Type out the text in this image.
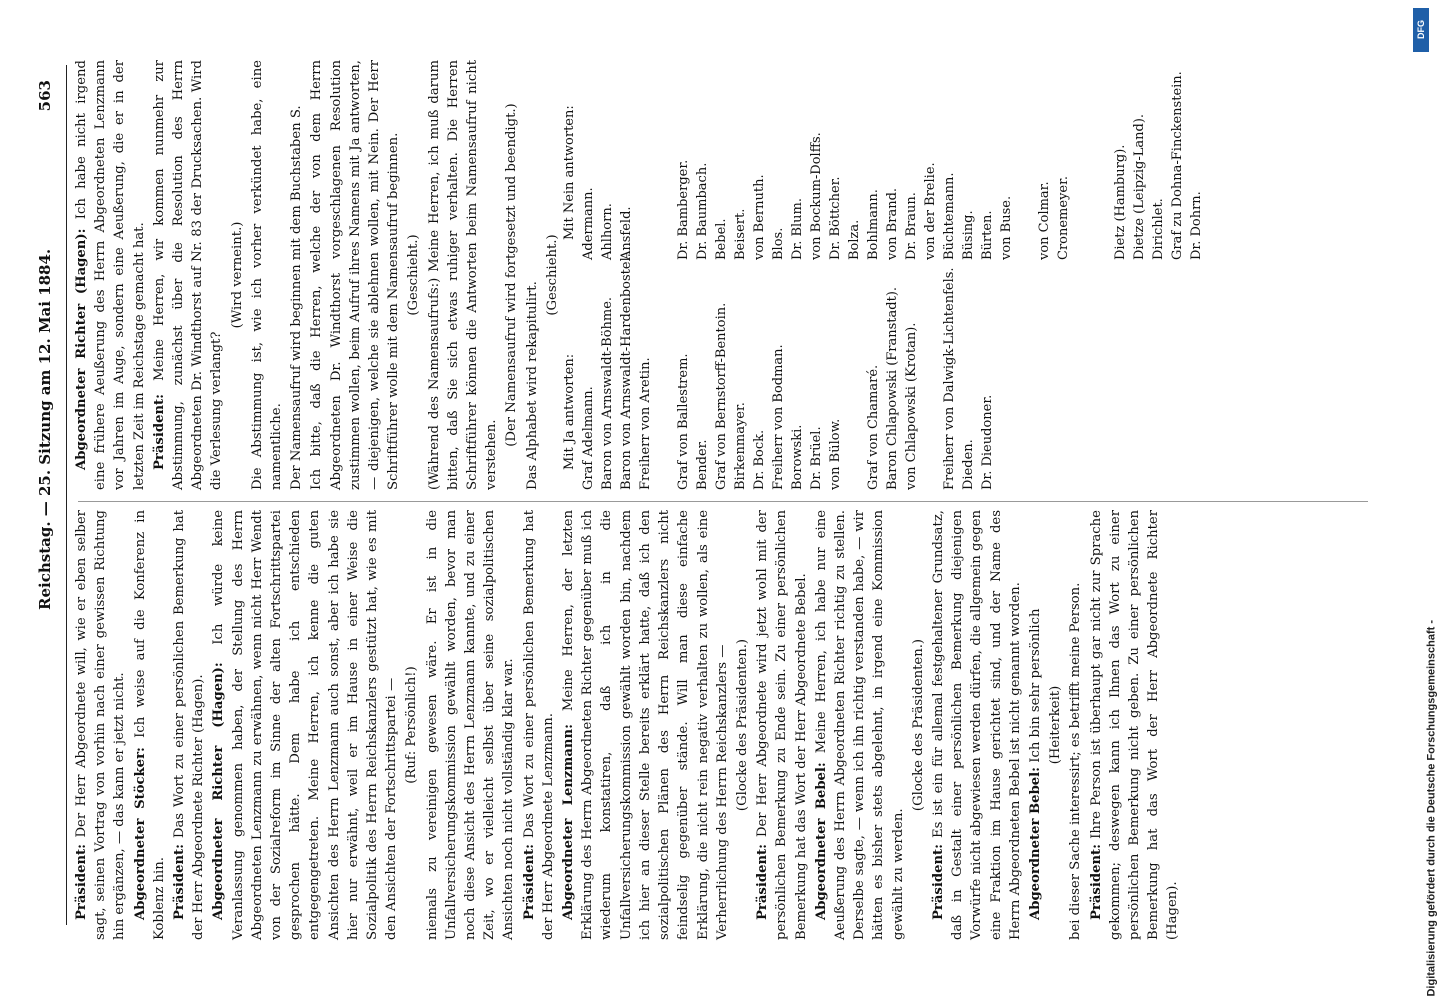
Reichstag. — 25. Sitzung am 12. Mai 1884.
563

Präsident: Der Herr Abgeordnete will, wie er eben selber sagt, seinen Vortrag von vorhin nach einer gewissen Richtung hin ergänzen, — das kann er jetzt nicht. Abgeordneter Stöcker: Ich weise auf die Konferenz in Koblenz hin. Präsident: Das Wort zu einer persönlichen Bemerkung hat der Herr Abgeordnete Richter (Hagen). Abgeordneter Richter (Hagen): Ich würde keine Veranlassung genommen haben, der Stellung des Herrn Abgeordneten Lenzmann zu erwähnen, wenn nicht Herr Wendt von der Sozialreform im Sinne der alten Fortschrittspartei gesprochen hätte. Dem habe ich entschieden entgegengetreten. Meine Herren, ich kenne die guten Ansichten des Herrn Lenzmann auch sonst, aber ich habe sie hier nur erwähnt, weil er im Hause in einer Weise die Sozialpolitik des Herrn Reichskanzlers gestützt hat, wie es mit den Ansichten der Fortschrittspartei — (Ruf: Persönlich!) niemals zu vereinigen gewesen wäre. Er ist in die Unfallversicherungskommission gewählt worden, bevor man noch diese Ansicht des Herrn Lenzmann kannte, und zu einer Zeit, wo er vielleicht selbst über seine sozialpolitischen Ansichten noch nicht vollständig klar war. Präsident: Das Wort zu einer persönlichen Bemerkung hat der Herr Abgeordnete Lenzmann. Abgeordneter Lenzmann: Meine Herren, der letzten Erklärung des Herrn Abgeordneten Richter gegenüber muß ich wiederum konstatiren, daß ich in die Unfallversicherungskommission gewählt worden bin, nachdem ich hier an dieser Stelle bereits erklärt hatte, daß ich den sozialpolitischen Plänen des Herrn Reichskanzlers nicht feindselig gegenüber stände. Will man diese einfache Erklärung, die nicht rein negativ verhalten zu wollen, als eine Verherrlichung des Herrn Reichskanzlers — (Glocke des Präsidenten.)

Präsident: Der Herr Abgeordnete wird jetzt wohl mit der persönlichen Bemerkung zu Ende sein. Zu einer persönlichen Bemerkung hat das Wort der Herr Abgeordnete Bebel. Abgeordneter Bebel: Meine Herren, ich habe nur eine Aeußerung des Herrn Abgeordneten Richter richtig zu stellen. Derselbe sagte, — wenn ich ihn richtig verstanden habe, — wir hätten es bisher stets abgelehnt, in irgend eine Kommission gewählt zu werden.

(Glocke des Präsidenten.)

Präsident: Es ist ein für allemal festgehaltener Grundsatz, daß in Gestalt einer persönlichen Bemerkung diejenigen Vorwürfe nicht abgewiesen werden dürfen, die allgemein gegen eine Fraktion im Hause gerichtet sind, und der Name des Herrn Abgeordneten Bebel ist nicht genannt worden. Abgeordneter Bebel: Ich bin sehr persönlich (Heiterkeit) bei dieser Sache interessirt; es betrifft meine Person. Präsident: Ihre Person ist überhaupt gar nicht zur Sprache gekommen; deswegen kann ich Ihnen das Wort zu einer persönlichen Bemerkung nicht geben. Zu einer persönlichen Bemerkung hat das Wort der Herr Abgeordnete Richter (Hagen).

Abgeordneter Richter (Hagen): Ich habe nicht irgend eine frühere Aeußerung des Herrn Abgeordneten Lenzmann vor Jahren im Auge, sondern eine Aeußerung, die er in der letzten Zeit im Reichstage gemacht hat. Präsident: Meine Herren, wir kommen nunmehr zur Abstimmung, zunächst über die Resolution des Herrn Abgeordneten Dr. Windthorst auf Nr. 83 der Drucksachen. Wird die Verlesung verlangt?

(Wird verneint.) Die Abstimmung ist, wie ich vorher verkündet habe, eine namentliche. Der Namensaufruf wird beginnen mit dem Buchstaben S. Ich bitte, daß die Herren, welche der von dem Herrn Abgeordneten Dr. Windthorst vorgeschlagenen Resolution zustimmen wollen, beim Aufruf ihres Namens mit Ja antworten, — diejenigen, welche sie ablehnen wollen, mit Nein. Der Herr Schriftführer wolle mit dem Namensaufruf beginnen. (Geschieht.) (Während des Namensaufrufs:) Meine Herren, ich muß darum bitten, daß Sie sich etwas ruhiger verhalten. Die Herren Schriftführer können die Antworten beim Namensaufruf nicht verstehen.

(Der Namensaufruf wird fortgesetzt und beendigt.) Das Alphabet wird rekapitulirt.

(Geschieht.)

Mit Ja antworten: Graf Adelmann. Baron von Arnswaldt-Böhme. Baron von Arnswaldt-Hardenbostel. Freiherr von Aretin.
Graf von Ballestrem. Bender. Graf von Bernstorff-Bentoin. Birkenmayer. Dr. Bock. Freiherr von Bodman. Borowski. Dr. Brüel. von Bülow.
Graf von Chamaré. Baron Chlapowski (Franstadt). von Chlapowski (Krotan).
Freiherr von Dalwigk-Lichtenfels. Dieden. Dr. Dieudoner.
Mit Nein antworten: Adermann. Ahlhorn. Ansfeld.

	Dr. Bamberger. Dr. Baumbach. Bebel. Beisert. von Bernuth. Blos. Dr. Blum. von Bockum-Dolffs. Dr. Böttcher. Bolza. Bohlmann. von Brand. Dr. Braun. von der Brelie. Büchtemann. Büsing. Bürten. von Buse.
von Colmar. Cronemeyer.

	Dietz (Hamburg). Dietze (Leipzig-Land). Dirichlet. Graf zu Dohna-Finckenstein. Dr. Dohrn.
DFG
Digitalisierung gefördert durch die Deutsche Forschungsgemeinschaft -
